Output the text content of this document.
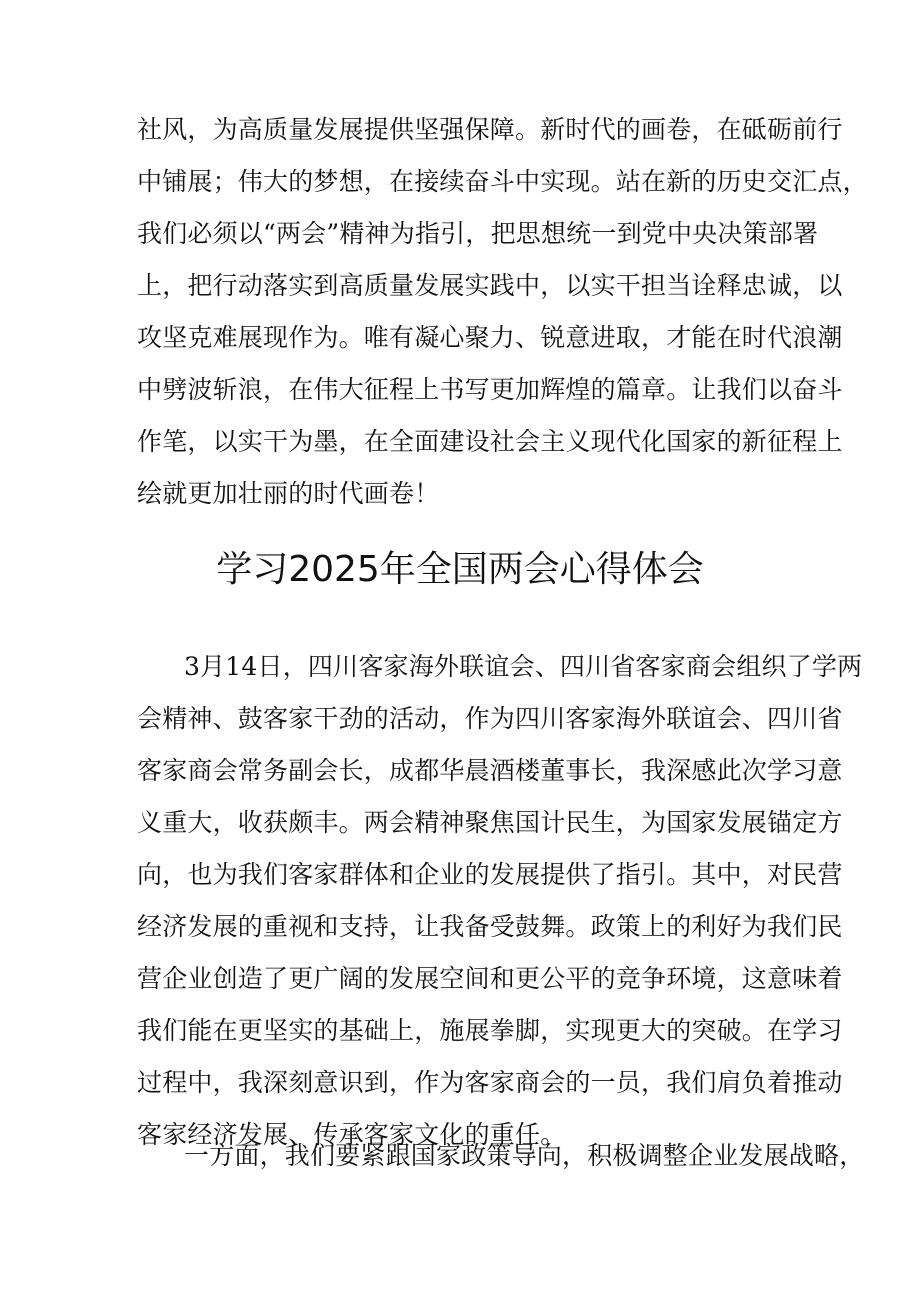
社风，为高质量发展提供坚强保障。新时代的画卷，在砥砺前行
中铺展；伟大的梦想，在接续奋斗中实现。站在新的历史交汇点，
我们必须以“两会”精神为指引，把思想统一到党中央决策部署
上，把行动落实到高质量发展实践中，以实干担当诠释忠诚，以
攻坚克难展现作为。唯有凝心聚力、锐意进取，才能在时代浪潮
中劈波斩浪，在伟大征程上书写更加辉煌的篇章。让我们以奋斗
作笔，以实干为墨，在全面建设社会主义现代化国家的新征程上
绘就更加壮丽的时代画卷！
学习2025年全国两会心得体会
3月14日，四川客家海外联谊会、四川省客家商会组织了学两
会精神、鼓客家干劲的活动，作为四川客家海外联谊会、四川省
客家商会常务副会长，成都华晨酒楼董事长，我深感此次学习意
义重大，收获颇丰。两会精神聚焦国计民生，为国家发展锚定方
向，也为我们客家群体和企业的发展提供了指引。其中，对民营
经济发展的重视和支持，让我备受鼓舞。政策上的利好为我们民
营企业创造了更广阔的发展空间和更公平的竞争环境，这意味着
我们能在更坚实的基础上，施展拳脚，实现更大的突破。在学习
过程中，我深刻意识到，作为客家商会的一员，我们肩负着推动
客家经济发展、传承客家文化的重任。
一方面，我们要紧跟国家政策导向，积极调整企业发展战略，
